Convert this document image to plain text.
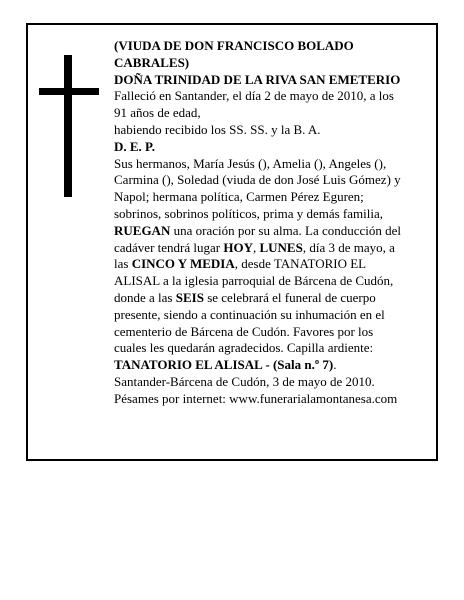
(VIUDA DE DON FRANCISCO BOLADO
CABRALES)
DOÑA TRINIDAD DE LA RIVA SAN EMETERIO
Falleció en Santander, el día 2 de mayo de 2010, a los
91 años de edad,
habiendo recibido los SS. SS. y la B. A.
D. E. P.
Sus hermanos, María Jesús (), Amelia (), Angeles (),
Carmina (), Soledad (viuda de don José Luis Gómez) y
Napol; hermana política, Carmen Pérez Eguren;
sobrinos, sobrinos políticos, prima y demás familia,
RUEGAN una oración por su alma. La conducción del
cadáver tendrá lugar HOY, LUNES, día 3 de mayo, a
las CINCO Y MEDIA, desde TANATORIO EL
ALISAL a la iglesia parroquial de Bárcena de Cudón,
donde a las SEIS se celebrará el funeral de cuerpo
presente, siendo a continuación su inhumación en el
cementerio de Bárcena de Cudón. Favores por los
cuales les quedarán agradecidos. Capilla ardiente:
TANATORIO EL ALISAL - (Sala n.º 7).
Santander-Bárcena de Cudón, 3 de mayo de 2010.
Pésames por internet: www.funerarialamontanesa.com
